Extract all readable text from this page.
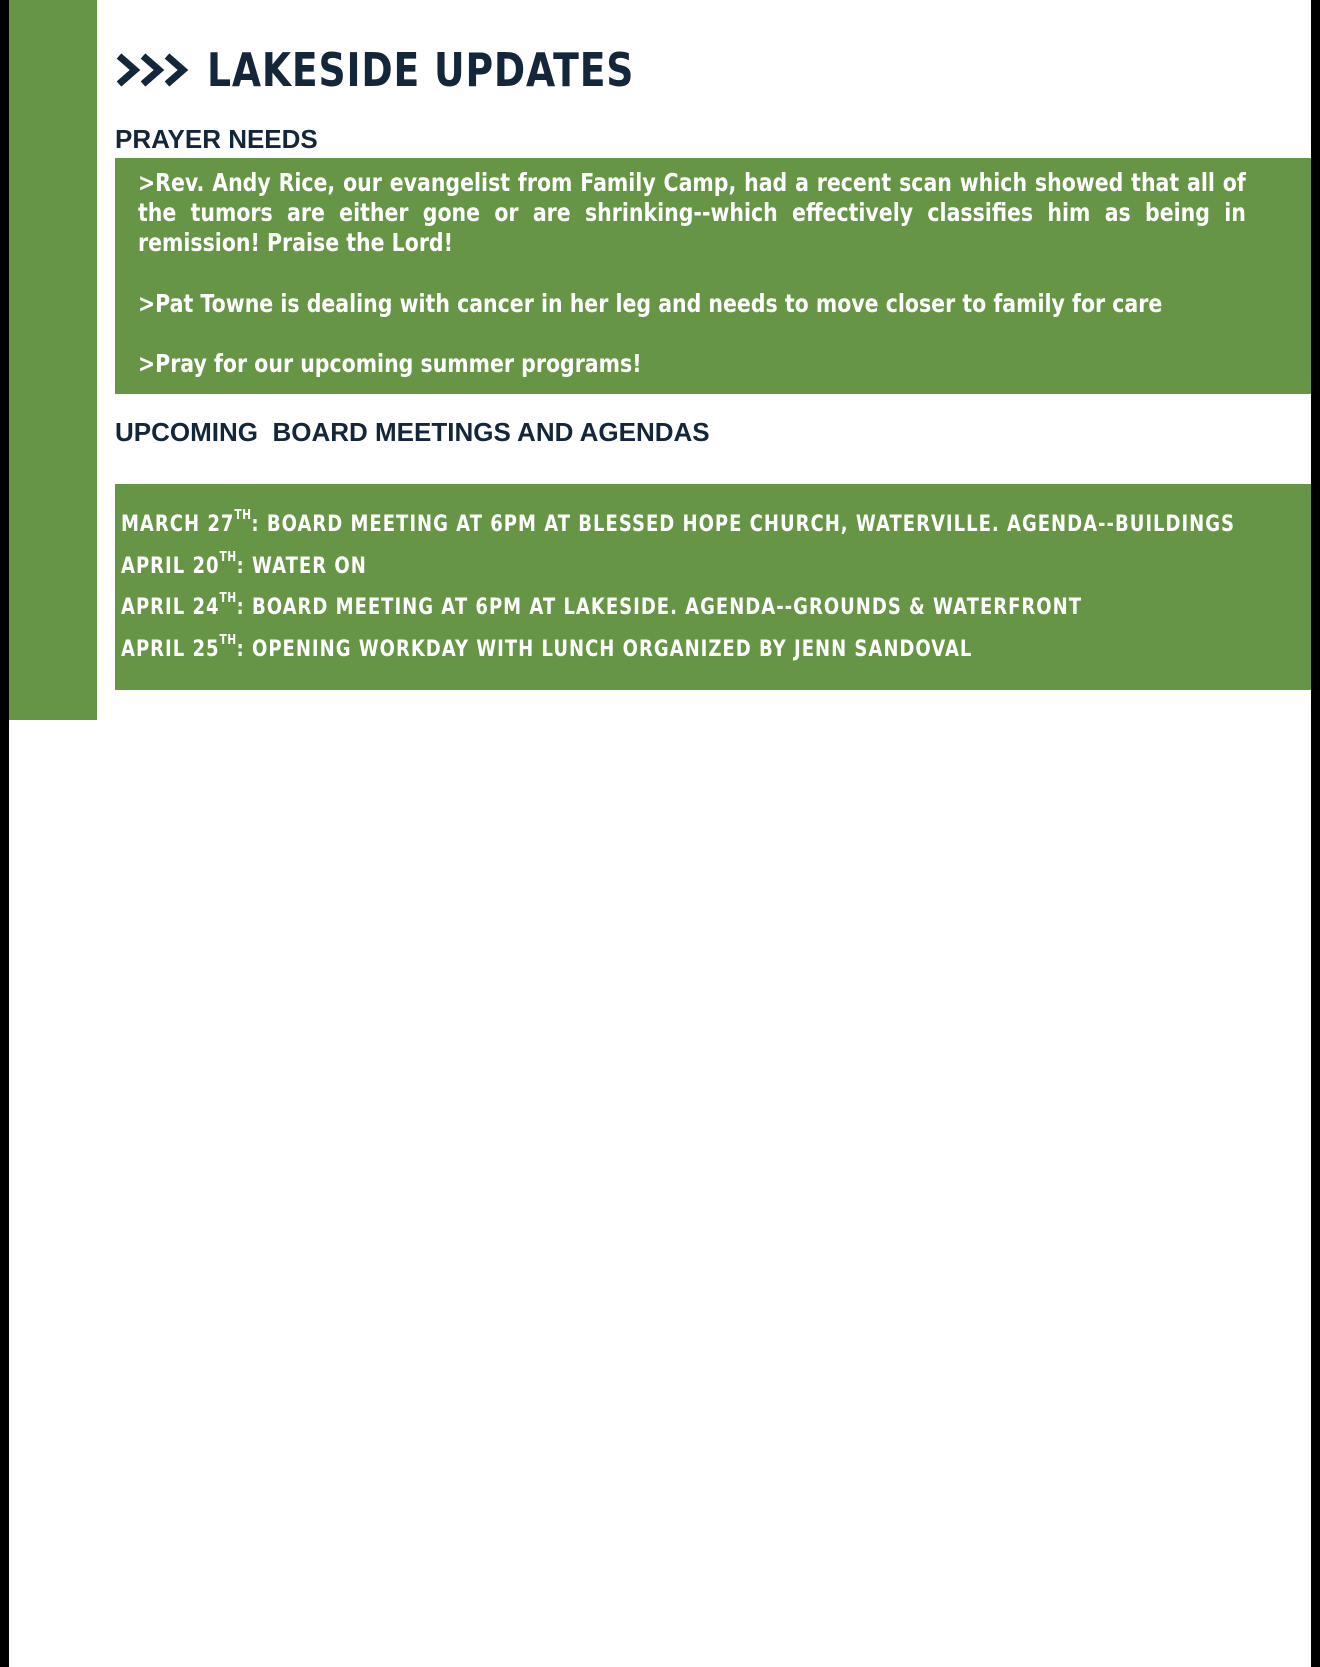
LAKESIDE UPDATES
PRAYER NEEDS
>Rev. Andy Rice, our evangelist from Family Camp, had a recent scan which showed that all of the tumors are either gone or are shrinking--which effectively classifies him as being in remission! Praise the Lord!
>Pat Towne is dealing with cancer in her leg and needs to move closer to family for care
>Pray for our upcoming summer programs!
UPCOMING  BOARD MEETINGS AND AGENDAS
MARCH 27TH: BOARD MEETING AT 6PM AT BLESSED HOPE CHURCH, WATERVILLE. AGENDA--BUILDINGS
APRIL 20TH: WATER ON
APRIL 24TH: BOARD MEETING AT 6PM AT LAKESIDE. AGENDA--GROUNDS & WATERFRONT
APRIL 25TH: OPENING WORKDAY WITH LUNCH ORGANIZED BY JENN SANDOVAL
